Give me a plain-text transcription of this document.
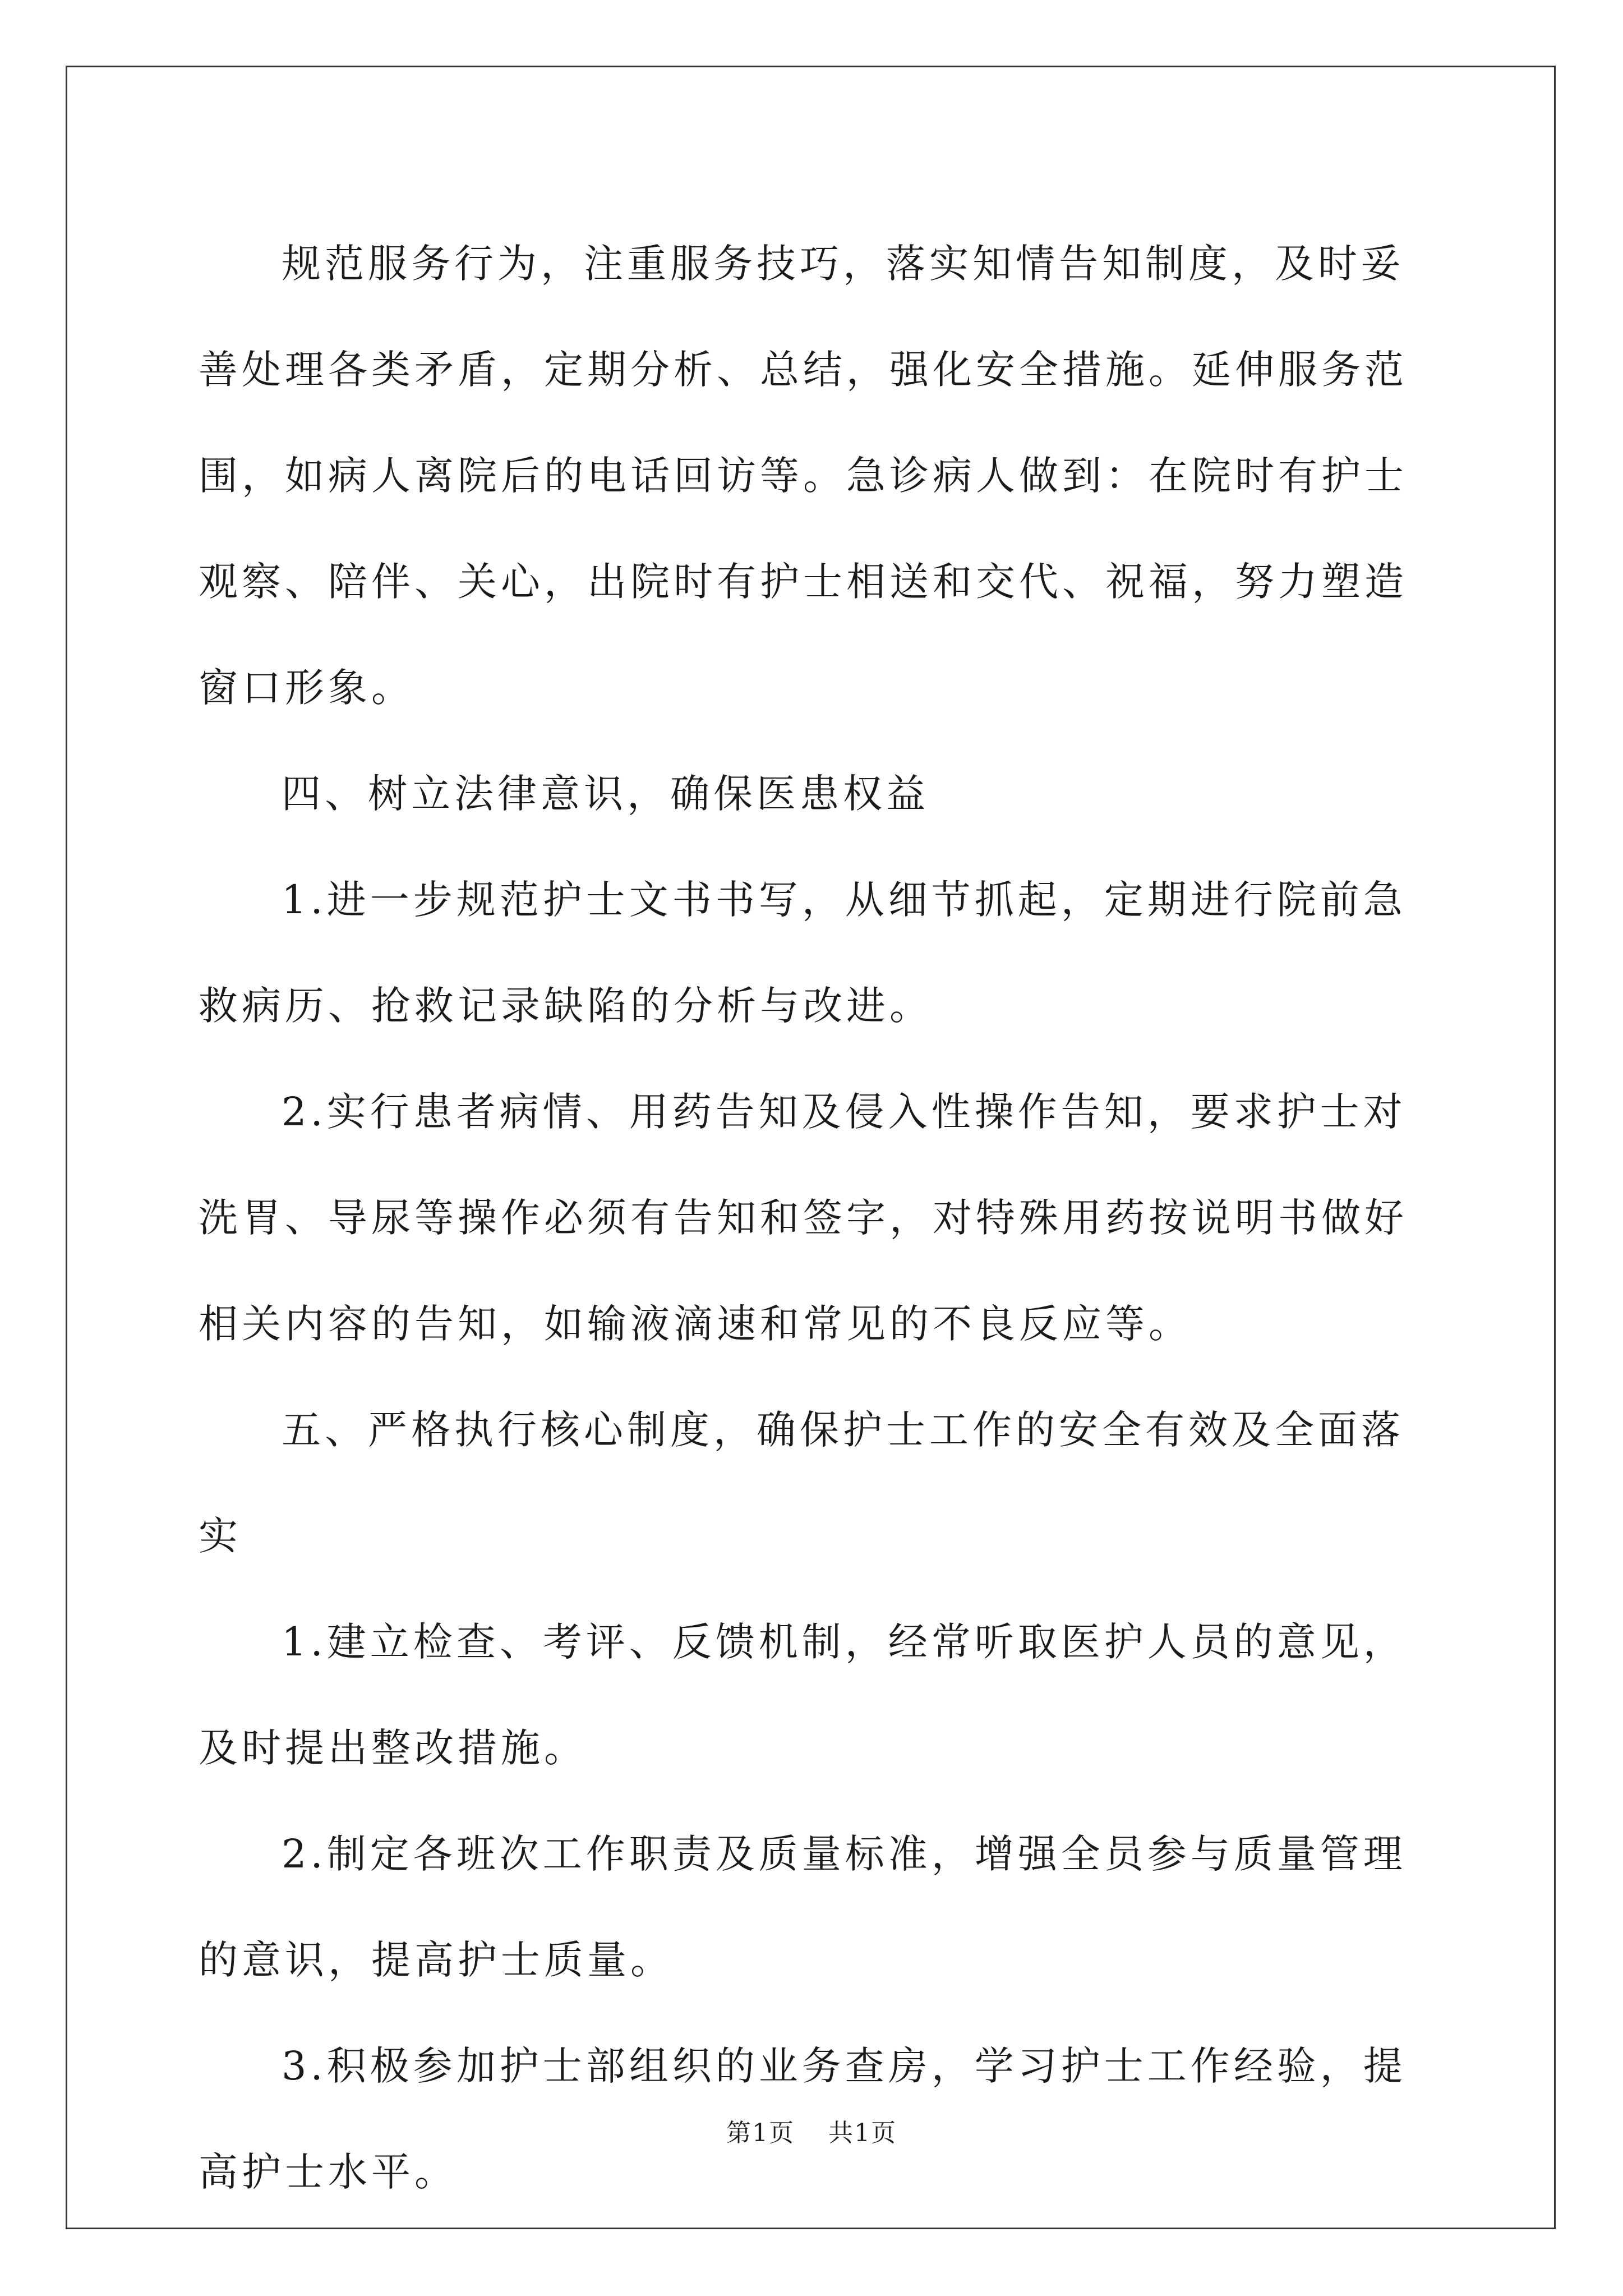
规范服务行为，注重服务技巧，落实知情告知制度，及时妥善处理各类矛盾，定期分析、总结，强化安全措施。延伸服务范围，如病人离院后的电话回访等。急诊病人做到：在院时有护士观察、陪伴、关心，出院时有护士相送和交代、祝福，努力塑造窗口形象。

四、树立法律意识，确保医患权益

1.进一步规范护士文书书写，从细节抓起，定期进行院前急救病历、抢救记录缺陷的分析与改进。

2.实行患者病情、用药告知及侵入性操作告知，要求护士对洗胃、导尿等操作必须有告知和签字，对特殊用药按说明书做好相关内容的告知，如输液滴速和常见的不良反应等。

五、严格执行核心制度，确保护士工作的安全有效及全面落实

1.建立检查、考评、反馈机制，经常听取医护人员的意见，及时提出整改措施。

2.制定各班次工作职责及质量标准，增强全员参与质量管理的意识，提高护士质量。

3.积极参加护士部组织的业务查房，学习护士工作经验，提高护士水平。

第1页 共1页
